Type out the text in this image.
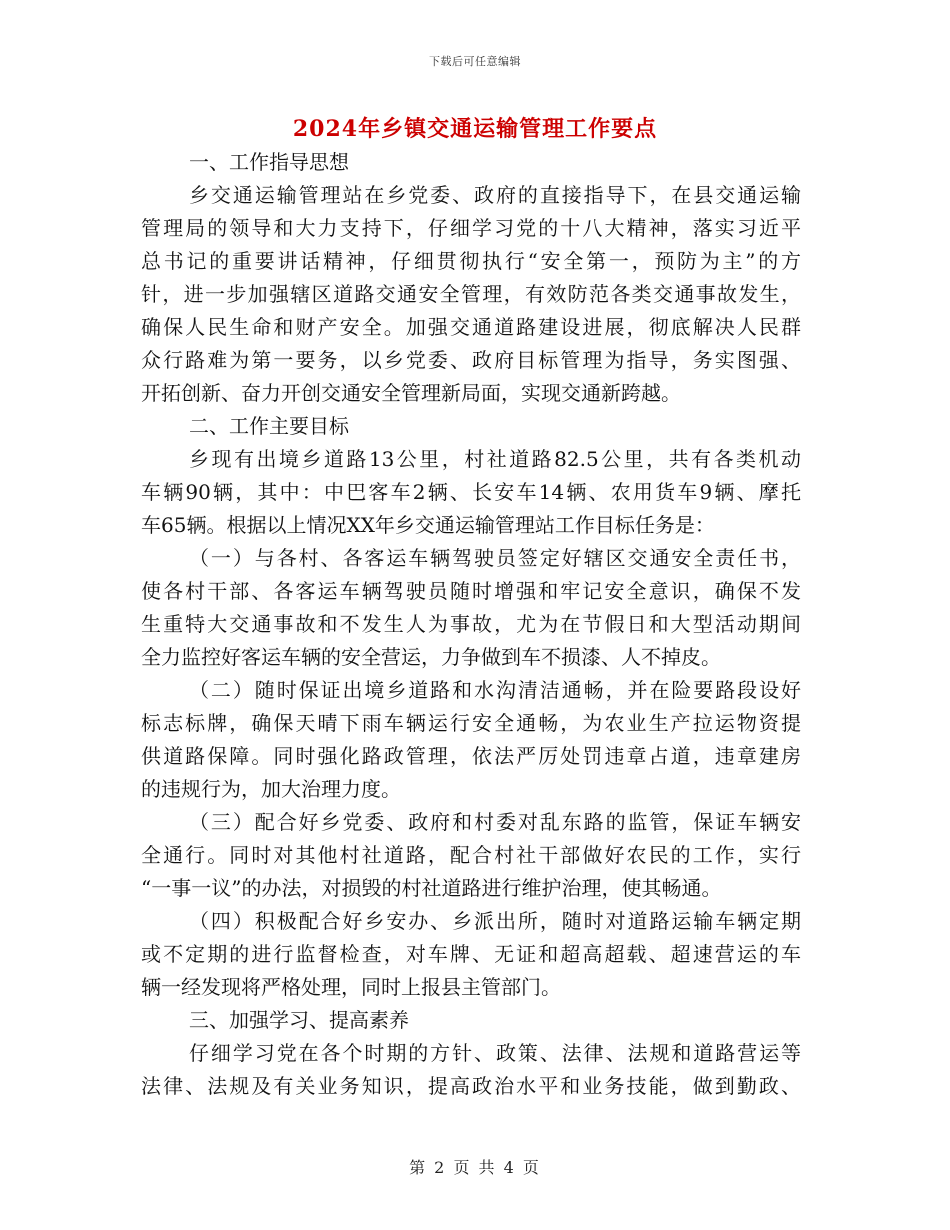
下载后可任意编辑
2024年乡镇交通运输管理工作要点
一、工作指导思想
乡交通运输管理站在乡党委、政府的直接指导下，在县交通运输
管理局的领导和大力支持下，仔细学习党的十八大精神，落实习近平
总书记的重要讲话精神，仔细贯彻执行“安全第一，预防为主”的方
针，进一步加强辖区道路交通安全管理，有效防范各类交通事故发生，
确保人民生命和财产安全。加强交通道路建设进展，彻底解决人民群
众行路难为第一要务，以乡党委、政府目标管理为指导，务实图强、
开拓创新、奋力开创交通安全管理新局面，实现交通新跨越。
二、工作主要目标
乡现有出境乡道路13公里，村社道路82.5公里，共有各类机动
车辆90辆，其中：中巴客车2辆、长安车14辆、农用货车9辆、摩托
车65辆。根据以上情况XX年乡交通运输管理站工作目标任务是：
（一）与各村、各客运车辆驾驶员签定好辖区交通安全责任书，
使各村干部、各客运车辆驾驶员随时增强和牢记安全意识，确保不发
生重特大交通事故和不发生人为事故，尤为在节假日和大型活动期间
全力监控好客运车辆的安全营运，力争做到车不损漆、人不掉皮。
（二）随时保证出境乡道路和水沟清洁通畅，并在险要路段设好
标志标牌，确保天晴下雨车辆运行安全通畅，为农业生产拉运物资提
供道路保障。同时强化路政管理，依法严厉处罚违章占道，违章建房
的违规行为，加大治理力度。
（三）配合好乡党委、政府和村委对乱东路的监管，保证车辆安
全通行。同时对其他村社道路，配合村社干部做好农民的工作，实行
“一事一议”的办法，对损毁的村社道路进行维护治理，使其畅通。
（四）积极配合好乡安办、乡派出所，随时对道路运输车辆定期
或不定期的进行监督检查，对车牌、无证和超高超载、超速营运的车
辆一经发现将严格处理，同时上报县主管部门。
三、加强学习、提高素养
仔细学习党在各个时期的方针、政策、法律、法规和道路营运等
法律、法规及有关业务知识，提高政治水平和业务技能，做到勤政、
第 2 页 共 4 页
